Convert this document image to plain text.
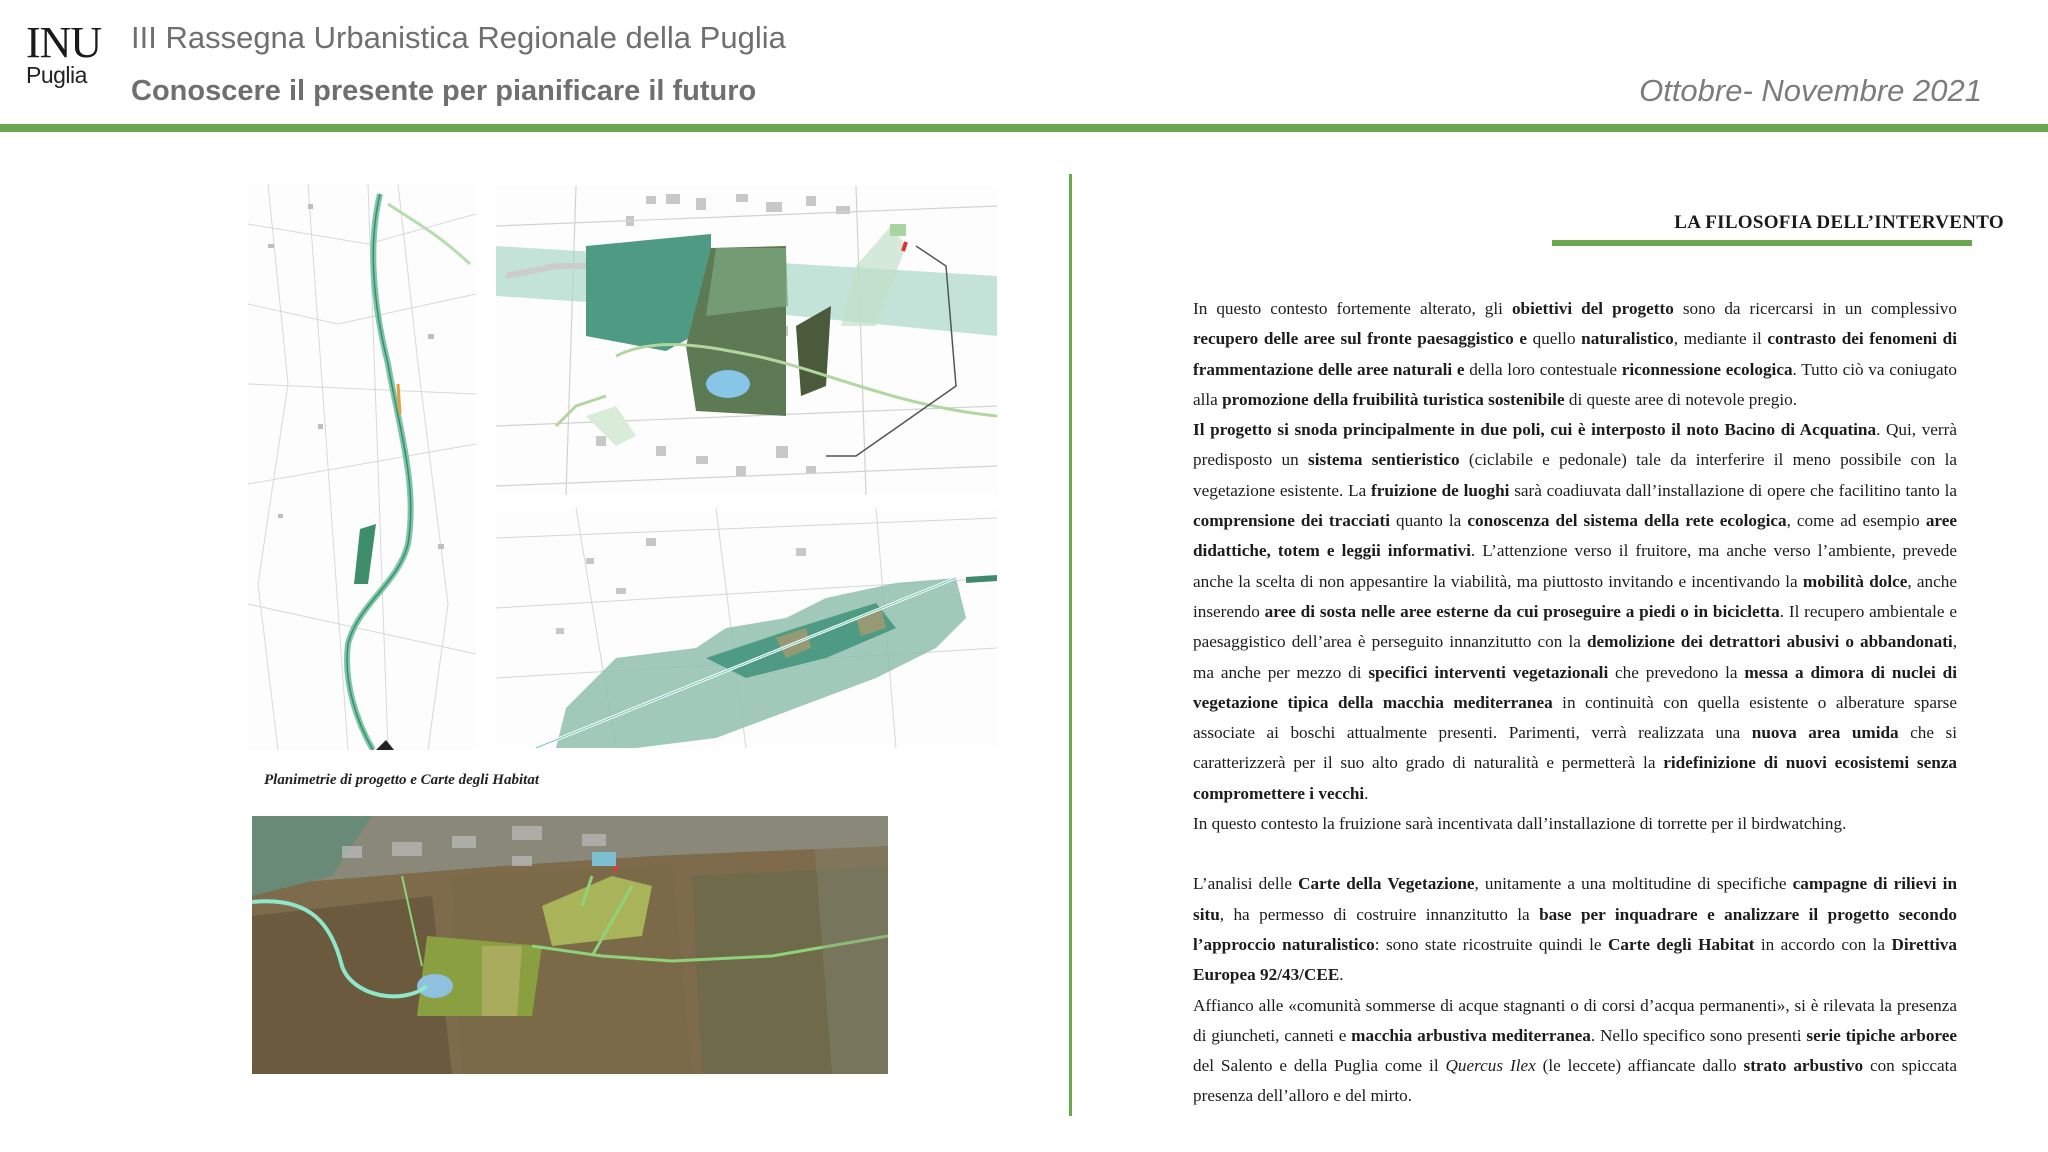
INU
Puglia
III Rassegna Urbanistica Regionale della Puglia
Conoscere il presente per pianificare il futuro	Ottobre- Novembre 2021
Planimetrie di progetto e Carte degli Habitat
LA FILOSOFIA DELL’INTERVENTO

In questo contesto fortemente alterato, gli obiettivi del progetto sono da ricercarsi in un complessivo recupero delle aree sul fronte paesaggistico e quello naturalistico, mediante il contrasto dei fenomeni di frammentazione delle aree naturali e della loro contestuale riconnessione ecologica. Tutto ciò va coniugato alla promozione della fruibilità turistica sostenibile di queste aree di notevole pregio.

Il progetto si snoda principalmente in due poli, cui è interposto il noto Bacino di Acquatina. Qui, verrà predisposto un sistema sentieristico (ciclabile e pedonale) tale da interferire il meno possibile con la vegetazione esistente. La fruizione de luoghi sarà coadiuvata dall’installazione di opere che facilitino tanto la comprensione dei tracciati quanto la conoscenza del sistema della rete ecologica, come ad esempio aree didattiche, totem e leggii informativi. L’attenzione verso il fruitore, ma anche verso l’ambiente, prevede anche la scelta di non appesantire la viabilità, ma piuttosto invitando e incentivando la mobilità dolce, anche inserendo aree di sosta nelle aree esterne da cui proseguire a piedi o in bicicletta. Il recupero ambientale e paesaggistico dell’area è perseguito innanzitutto con la demolizione dei detrattori abusivi o abbandonati, ma anche per mezzo di specifici interventi vegetazionali che prevedono la messa a dimora di nuclei di vegetazione tipica della macchia mediterranea in continuità con quella esistente o alberature sparse associate ai boschi attualmente presenti. Parimenti, verrà realizzata una nuova area umida che si caratterizzerà per il suo alto grado di naturalità e permetterà la ridefinizione di nuovi ecosistemi senza compromettere i vecchi.

In questo contesto la fruizione sarà incentivata dall’installazione di torrette per il birdwatching.

L’analisi delle Carte della Vegetazione, unitamente a una moltitudine di specifiche campagne di rilievi in situ, ha permesso di costruire innanzitutto la base per inquadrare e analizzare il progetto secondo l’approccio naturalistico: sono state ricostruite quindi le Carte degli Habitat in accordo con la Direttiva Europea 92/43/CEE.

Affianco alle «comunità sommerse di acque stagnanti o di corsi d’acqua permanenti», si è rilevata la presenza di giuncheti, canneti e macchia arbustiva mediterranea. Nello specifico sono presenti serie tipiche arboree del Salento e della Puglia come il Quercus Ilex (le leccete) affiancate dallo strato arbustivo con spiccata presenza dell’alloro e del mirto.
